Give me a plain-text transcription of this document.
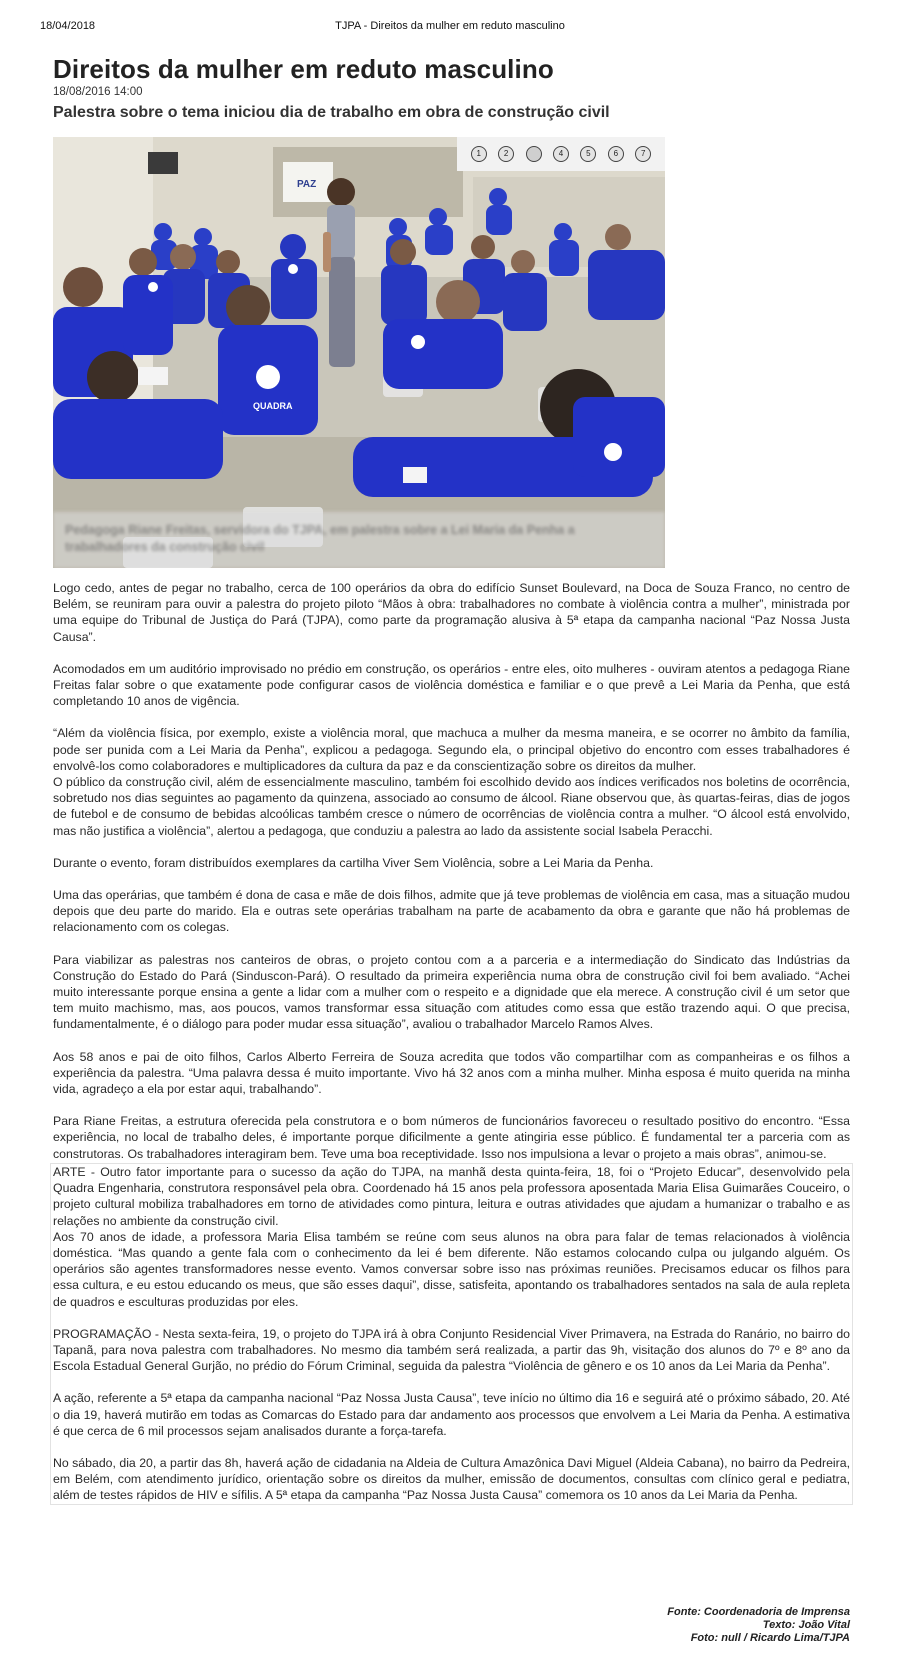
18/04/2018	TJPA - Direitos da mulher em reduto masculino
Direitos da mulher em reduto masculino
18/08/2016 14:00
Palestra sobre o tema iniciou dia de trabalho em obra de construção civil
PAZ
QUADRA
1	2	4	5	6	7
Pedagoga Riane Freitas, servidora do TJPA, em palestra sobre a Lei Maria da Penha a trabalhadores da construção civil

Logo cedo, antes de pegar no trabalho, cerca de 100 operários da obra do edifício Sunset Boulevard, na Doca de Souza Franco, no centro de Belém, se reuniram para ouvir a palestra do projeto piloto “Mãos à obra: trabalhadores no combate à violência contra a mulher”, ministrada por uma equipe do Tribunal de Justiça do Pará (TJPA), como parte da programação alusiva à 5ª etapa da campanha nacional “Paz Nossa Justa Causa”.

Acomodados em um auditório improvisado no prédio em construção, os operários - entre eles, oito mulheres - ouviram atentos a pedagoga Riane Freitas falar sobre o que exatamente pode configurar casos de violência doméstica e familiar e o que prevê a Lei Maria da Penha, que está completando 10 anos de vigência.

“Além da violência física, por exemplo, existe a violência moral, que machuca a mulher da mesma maneira, e se ocorrer no âmbito da família, pode ser punida com a Lei Maria da Penha”, explicou a pedagoga. Segundo ela, o principal objetivo do encontro com esses trabalhadores é envolvê-los como colaboradores e multiplicadores da cultura da paz e da conscientização sobre os direitos da mulher.

O público da construção civil, além de essencialmente masculino, também foi escolhido devido aos índices verificados nos boletins de ocorrência, sobretudo nos dias seguintes ao pagamento da quinzena, associado ao consumo de álcool. Riane observou que, às quartas-feiras, dias de jogos de futebol e de consumo de bebidas alcoólicas também cresce o número de ocorrências de violência contra a mulher. “O álcool está envolvido, mas não justifica a violência”, alertou a pedagoga, que conduziu a palestra ao lado da assistente social Isabela Peracchi.

Durante o evento, foram distribuídos exemplares da cartilha Viver Sem Violência, sobre a Lei Maria da Penha.

Uma das operárias, que também é dona de casa e mãe de dois filhos, admite que já teve problemas de violência em casa, mas a situação mudou depois que deu parte do marido. Ela e outras sete operárias trabalham na parte de acabamento da obra e garante que não há problemas de relacionamento com os colegas.

Para viabilizar as palestras nos canteiros de obras, o projeto contou com a a parceria e a intermediação do Sindicato das Indústrias da Construção do Estado do Pará (Sinduscon-Pará). O resultado da primeira experiência numa obra de construção civil foi bem avaliado. “Achei muito interessante porque ensina a gente a lidar com a mulher com o respeito e a dignidade que ela merece. A construção civil é um setor que tem muito machismo, mas, aos poucos, vamos transformar essa situação com atitudes como essa que estão trazendo aqui. O que precisa, fundamentalmente, é o diálogo para poder mudar essa situação”, avaliou o trabalhador Marcelo Ramos Alves.

Aos 58 anos e pai de oito filhos, Carlos Alberto Ferreira de Souza acredita que todos vão compartilhar com as companheiras e os filhos a experiência da palestra. “Uma palavra dessa é muito importante. Vivo há 32 anos com a minha mulher. Minha esposa é muito querida na minha vida, agradeço a ela por estar aqui, trabalhando”.

Para Riane Freitas, a estrutura oferecida pela construtora e o bom números de funcionários favoreceu o resultado positivo do encontro. “Essa experiência, no local de trabalho deles, é importante porque dificilmente a gente atingiria esse público. É fundamental ter a parceria com as construtoras. Os trabalhadores interagiram bem. Teve uma boa receptividade. Isso nos impulsiona a levar o projeto a mais obras”, animou-se.

ARTE - Outro fator importante para o sucesso da ação do TJPA, na manhã desta quinta-feira, 18, foi o “Projeto Educar”, desenvolvido pela Quadra Engenharia, construtora responsável pela obra. Coordenado há 15 anos pela professora aposentada Maria Elisa Guimarães Couceiro, o projeto cultural mobiliza trabalhadores em torno de atividades como pintura, leitura e outras atividades que ajudam a humanizar o trabalho e as relações no ambiente da construção civil.

Aos 70 anos de idade, a professora Maria Elisa também se reúne com seus alunos na obra para falar de temas relacionados à violência doméstica. “Mas quando a gente fala com o conhecimento da lei é bem diferente. Não estamos colocando culpa ou julgando alguém. Os operários são agentes transformadores nesse evento. Vamos conversar sobre isso nas próximas reuniões. Precisamos educar os filhos para essa cultura, e eu estou educando os meus, que são esses daqui”, disse, satisfeita, apontando os trabalhadores sentados na sala de aula repleta de quadros e esculturas produzidas por eles.

PROGRAMAÇÃO - Nesta sexta-feira, 19, o projeto do TJPA irá à obra Conjunto Residencial Viver Primavera, na Estrada do Ranário, no bairro do Tapanã, para nova palestra com trabalhadores. No mesmo dia também será realizada, a partir das 9h, visitação dos alunos do 7º e 8º ano da Escola Estadual General Gurjão, no prédio do Fórum Criminal, seguida da palestra “Violência de gênero e os 10 anos da Lei Maria da Penha”.

A ação, referente a 5ª etapa da campanha nacional “Paz Nossa Justa Causa”, teve início no último dia 16 e seguirá até o próximo sábado, 20. Até o dia 19, haverá mutirão em todas as Comarcas do Estado para dar andamento aos processos que envolvem a Lei Maria da Penha. A estimativa é que cerca de 6 mil processos sejam analisados durante a força-tarefa.

No sábado, dia 20, a partir das 8h, haverá ação de cidadania na Aldeia de Cultura Amazônica Davi Miguel (Aldeia Cabana), no bairro da Pedreira, em Belém, com atendimento jurídico, orientação sobre os direitos da mulher, emissão de documentos, consultas com clínico geral e pediatra, além de testes rápidos de HIV e sífilis. A 5ª etapa da campanha “Paz Nossa Justa Causa” comemora os 10 anos da Lei Maria da Penha.

Fonte: Coordenadoria de Imprensa
Texto: João Vital
Foto: null / Ricardo Lima/TJPA
